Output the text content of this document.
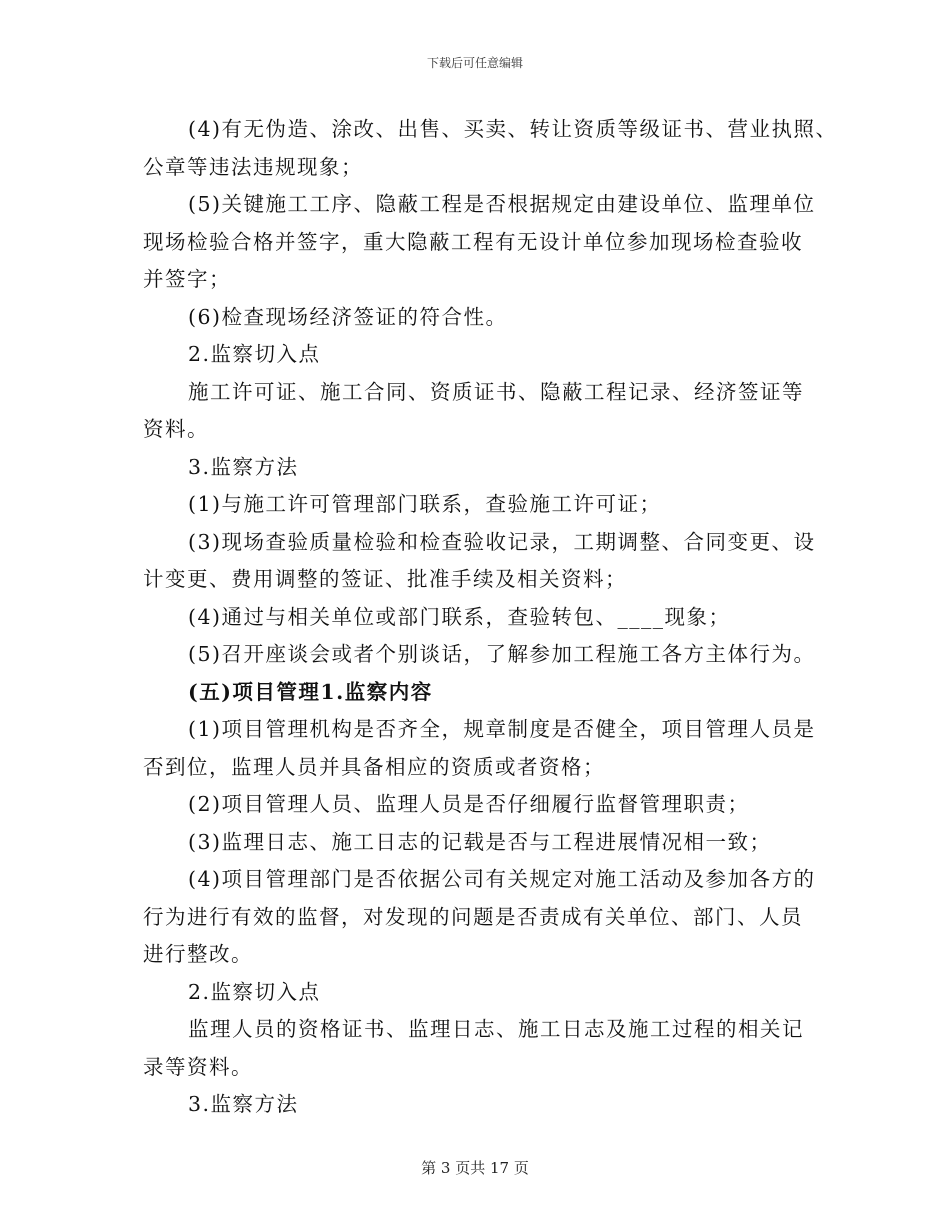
下载后可任意编辑

(4)有无伪造、涂改、出售、买卖、转让资质等级证书、营业执照、

公章等违法违规现象；

(5)关键施工工序、隐蔽工程是否根据规定由建设单位、监理单位

现场检验合格并签字，重大隐蔽工程有无设计单位参加现场检查验收

并签字；

(6)检查现场经济签证的符合性。

2.监察切入点

施工许可证、施工合同、资质证书、隐蔽工程记录、经济签证等

资料。

3.监察方法

(1)与施工许可管理部门联系，查验施工许可证；

(3)现场查验质量检验和检查验收记录，工期调整、合同变更、设

计变更、费用调整的签证、批准手续及相关资料；

(4)通过与相关单位或部门联系，查验转包、____现象；

(5)召开座谈会或者个别谈话，了解参加工程施工各方主体行为。

(五)项目管理1.监察内容

(1)项目管理机构是否齐全，规章制度是否健全，项目管理人员是

否到位，监理人员并具备相应的资质或者资格；

(2)项目管理人员、监理人员是否仔细履行监督管理职责；

(3)监理日志、施工日志的记载是否与工程进展情况相一致；

(4)项目管理部门是否依据公司有关规定对施工活动及参加各方的

行为进行有效的监督，对发现的问题是否责成有关单位、部门、人员

进行整改。

2.监察切入点

监理人员的资格证书、监理日志、施工日志及施工过程的相关记

录等资料。

3.监察方法

第 3 页共 17 页
